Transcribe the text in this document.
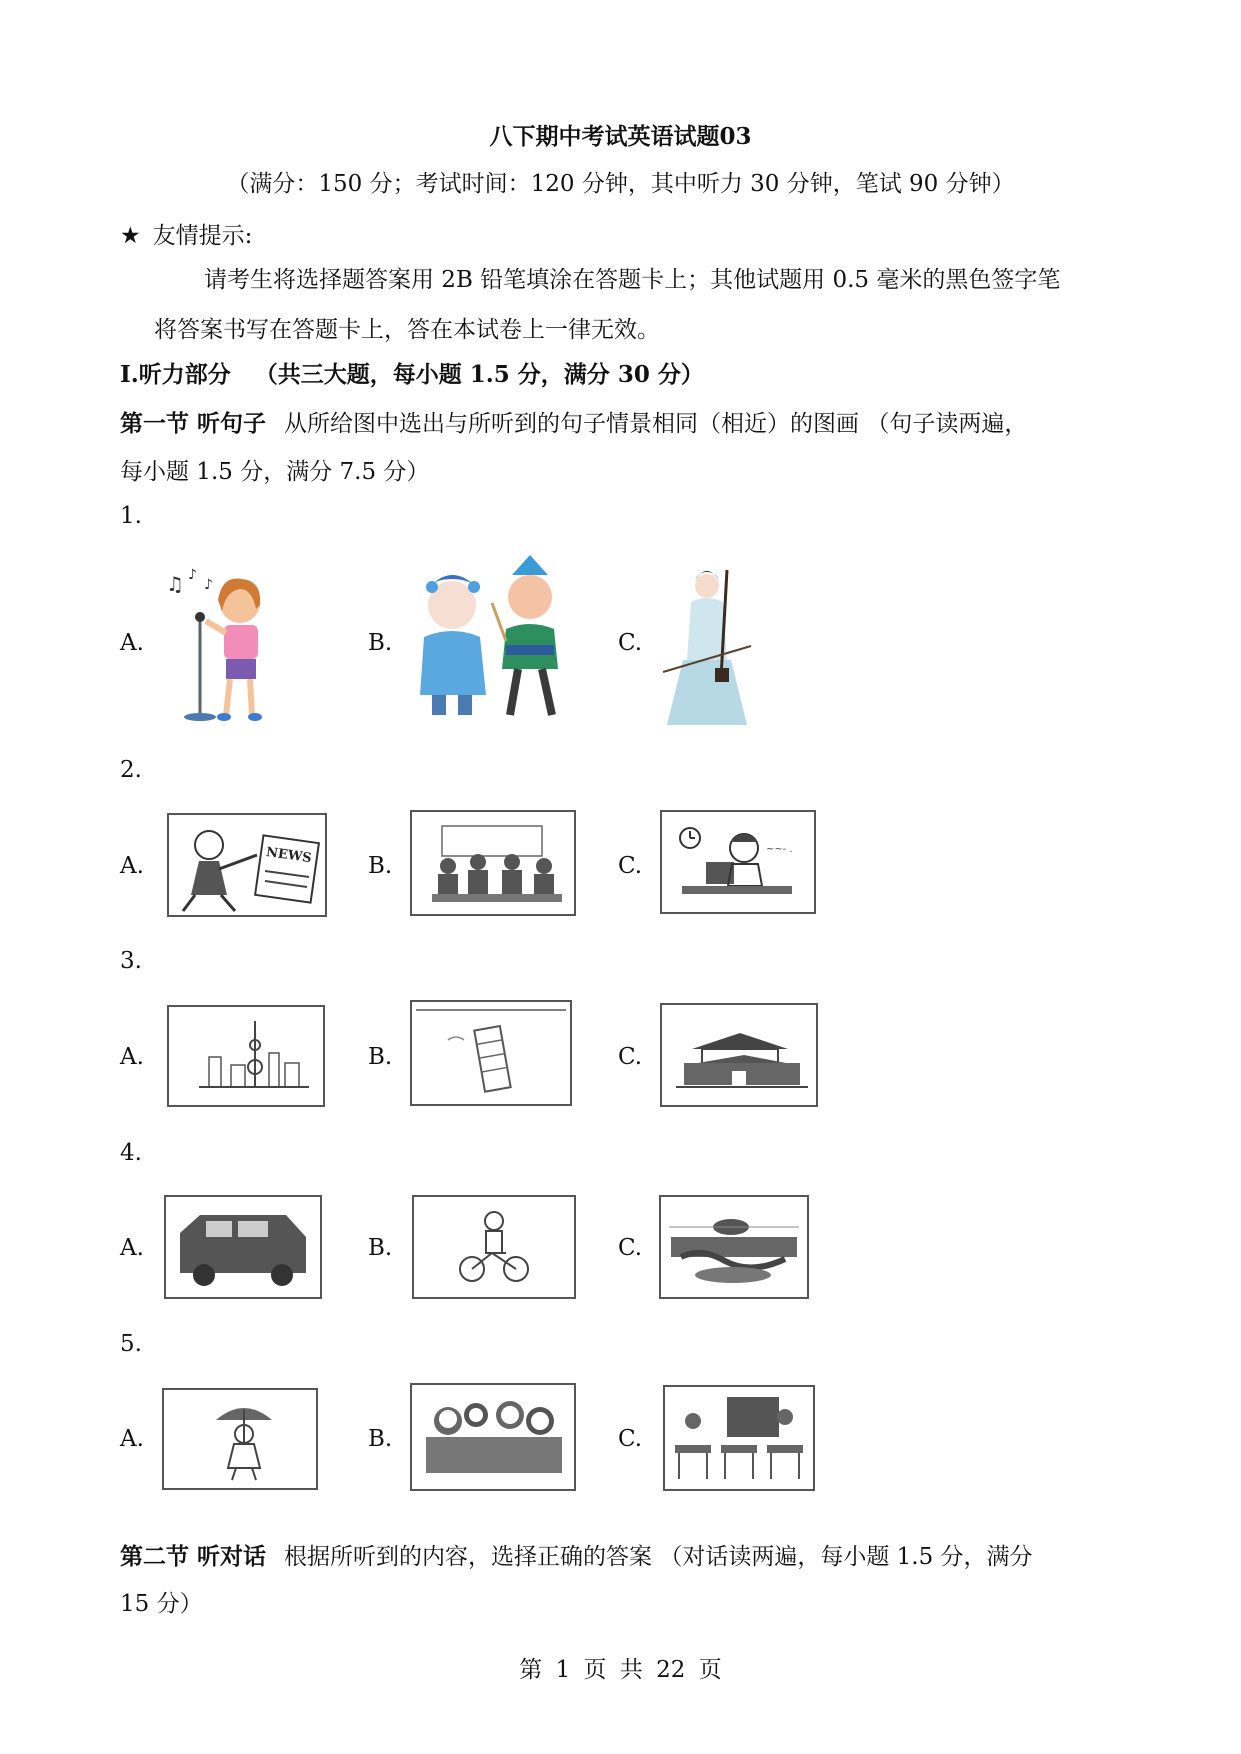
八下期中考试英语试题03
（满分：150 分；考试时间：120 分钟，其中听力 30 分钟，笔试 90 分钟）
★ 友情提示:
请考生将选择题答案用 2B 铅笔填涂在答题卡上；其他试题用 0.5 毫米的黑色签字笔
将答案书写在答题卡上，答在本试卷上一律无效。
I.听力部分 （共三大题，每小题 1.5 分，满分 30 分）
第一节 听句子 从所给图中选出与所听到的句子情景相同（相近）的图画 （句子读两遍，
每小题 1.5 分，满分 7.5 分）
1.
A.	B.	C.
♫ ♪
♪
2.
A.	B.	C.
NEWS	~~- .
3.
A.	B.	C.
4.
A.	B.	C.
5.
A.	B.	C.
第二节 听对话 根据所听到的内容，选择正确的答案 （对话读两遍，每小题 1.5 分，满分
15 分）
第 1 页 共 22 页
